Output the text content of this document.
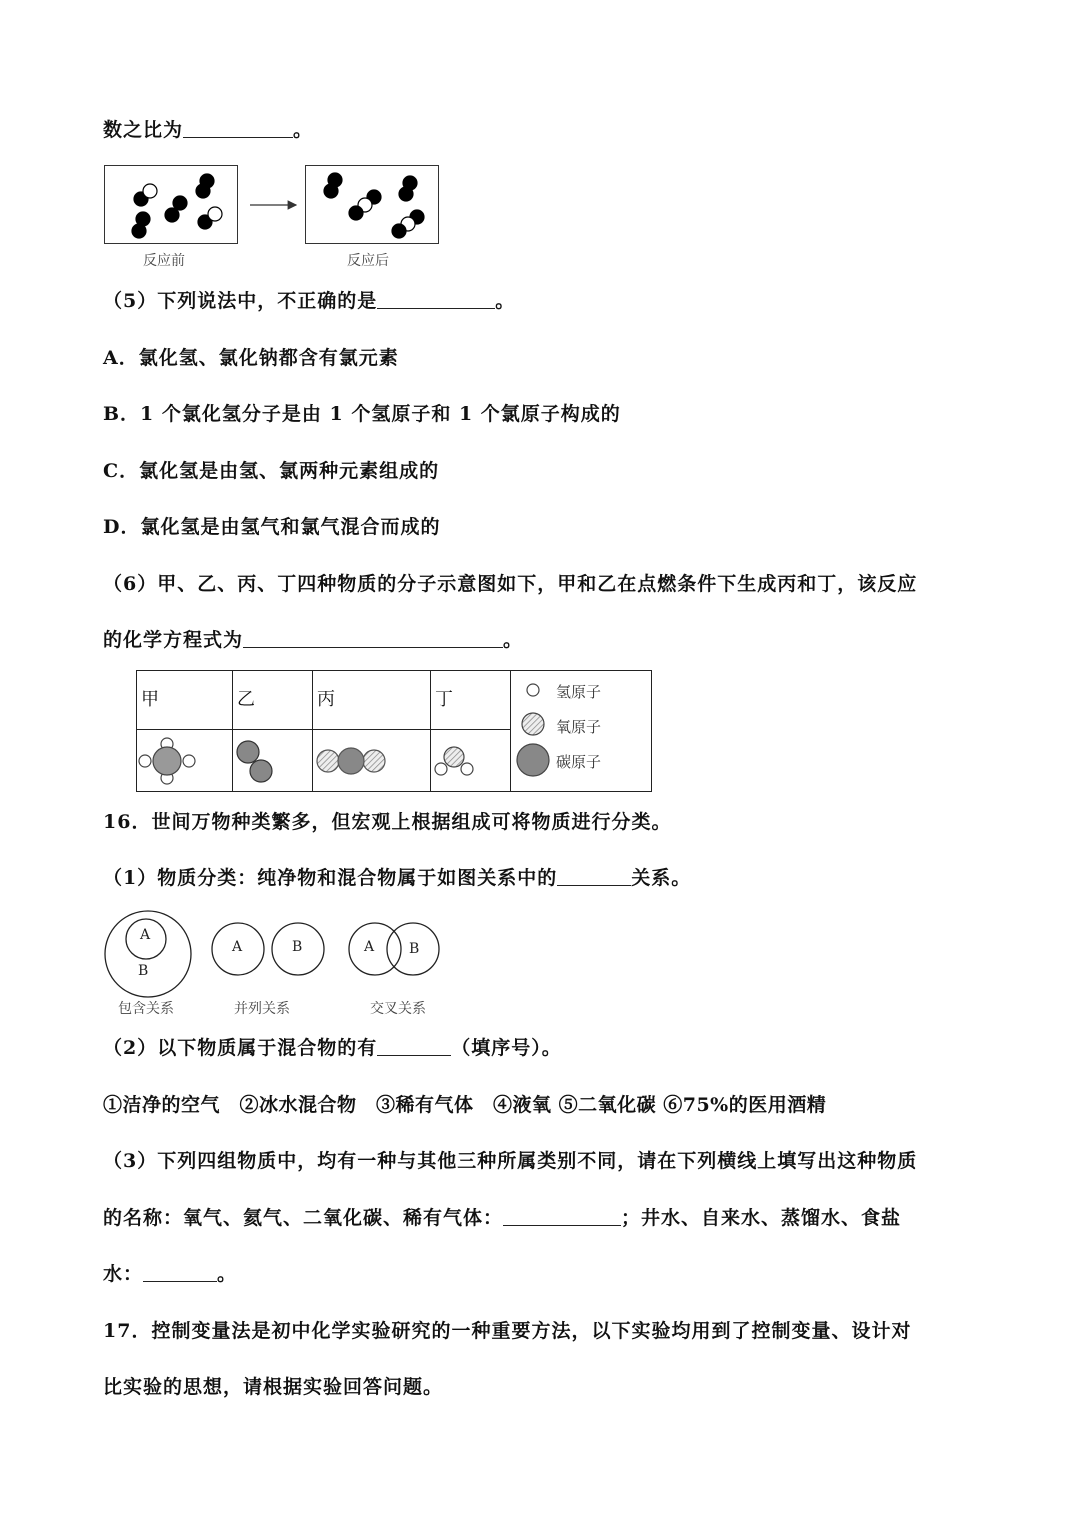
数之比为	。
反应前	反应后
（5）下列说法中，不正确的是	。
A．氯化氢、氯化钠都含有氯元素
B．1 个氯化氢分子是由 1 个氢原子和 1 个氯原子构成的
C．氯化氢是由氢、氯两种元素组成的
D．氯化氢是由氢气和氯气混合而成的
（6）甲、乙、丙、丁四种物质的分子示意图如下，甲和乙在点燃条件下生成丙和丁，该反应
的化学方程式为	。
甲	乙	丙	丁	
				氢原子
氧原子
碳原子
16．世间万物种类繁多，但宏观上根据组成可将物质进行分类。
（1）物质分类：纯净物和混合物属于如图关系中的	关系。
A
B
A	B	A B
包含关系	并列关系	交叉关系
（2）以下物质属于混合物的有	（填序号）。
①洁净的空气　②冰水混合物　③稀有气体　④液氧 ⑤二氧化碳 ⑥75%的医用酒精
（3）下列四组物质中，均有一种与其他三种所属类别不同，请在下列横线上填写出这种物质
的名称：氧气、氦气、二氧化碳、稀有气体：	；井水、自来水、蒸馏水、食盐
水：	。
17．控制变量法是初中化学实验研究的一种重要方法，以下实验均用到了控制变量、设计对
比实验的思想，请根据实验回答问题。
